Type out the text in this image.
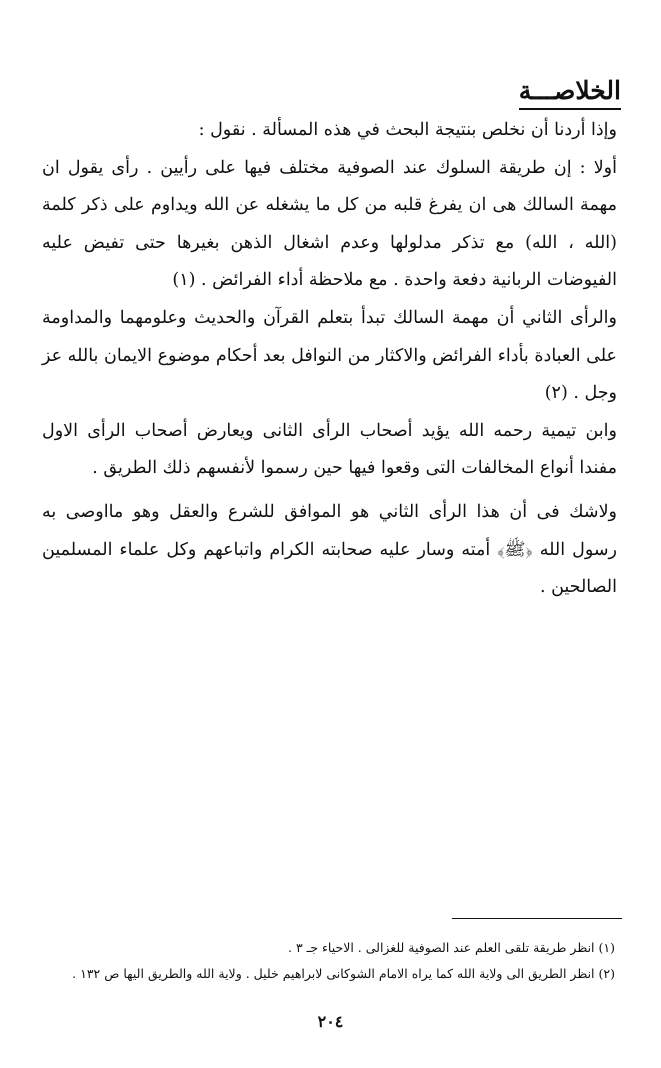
الخلاصـــة

وإذا أردنا أن نخلص بنتيجة البحث في هذه المسألة . نقول :

أولا : إن طريقة السلوك عند الصوفية مختلف فيها على رأيين . رأى يقول ان مهمة السالك هى ان يفرغ قلبه من كل ما يشغله عن الله ويداوم على ذكر كلمة (الله ، الله) مع تذكر مدلولها وعدم اشغال الذهن بغيرها حتى تفيض عليه الفيوضات الربانية دفعة واحدة . مع ملاحظة أداء الفرائض . (١)

والرأى الثاني أن مهمة السالك تبدأ بتعلم القرآن والحديث وعلومهما والمداومة على العبادة بأداء الفرائض والاكثار من النوافل بعد أحكام موضوع الايمان بالله عز وجل . (٢)

وابن تيمية رحمه الله يؤيد أصحاب الرأى الثانى ويعارض أصحاب الرأى الاول مفندا أنواع المخالفات التى وقعوا فيها حين رسموا لأنفسهم ذلك الطريق .

ولاشك فى أن هذا الرأى الثاني هو الموافق للشرع والعقل وهو مااوصى به رسول الله ﴿ﷺ﴾ أمته وسار عليه صحابته الكرام واتباعهم وكل علماء المسلمين الصالحين .

(١) انظر طريقة تلقى العلم عند الصوفية للغزالى . الاحياء جـ ٣ .

(٢) انظر الطريق الى ولاية الله كما يراه الامام الشوكانى لابراهيم خليل . ولاية الله والطريق اليها ص ١٣٢ .

٢٠٤
